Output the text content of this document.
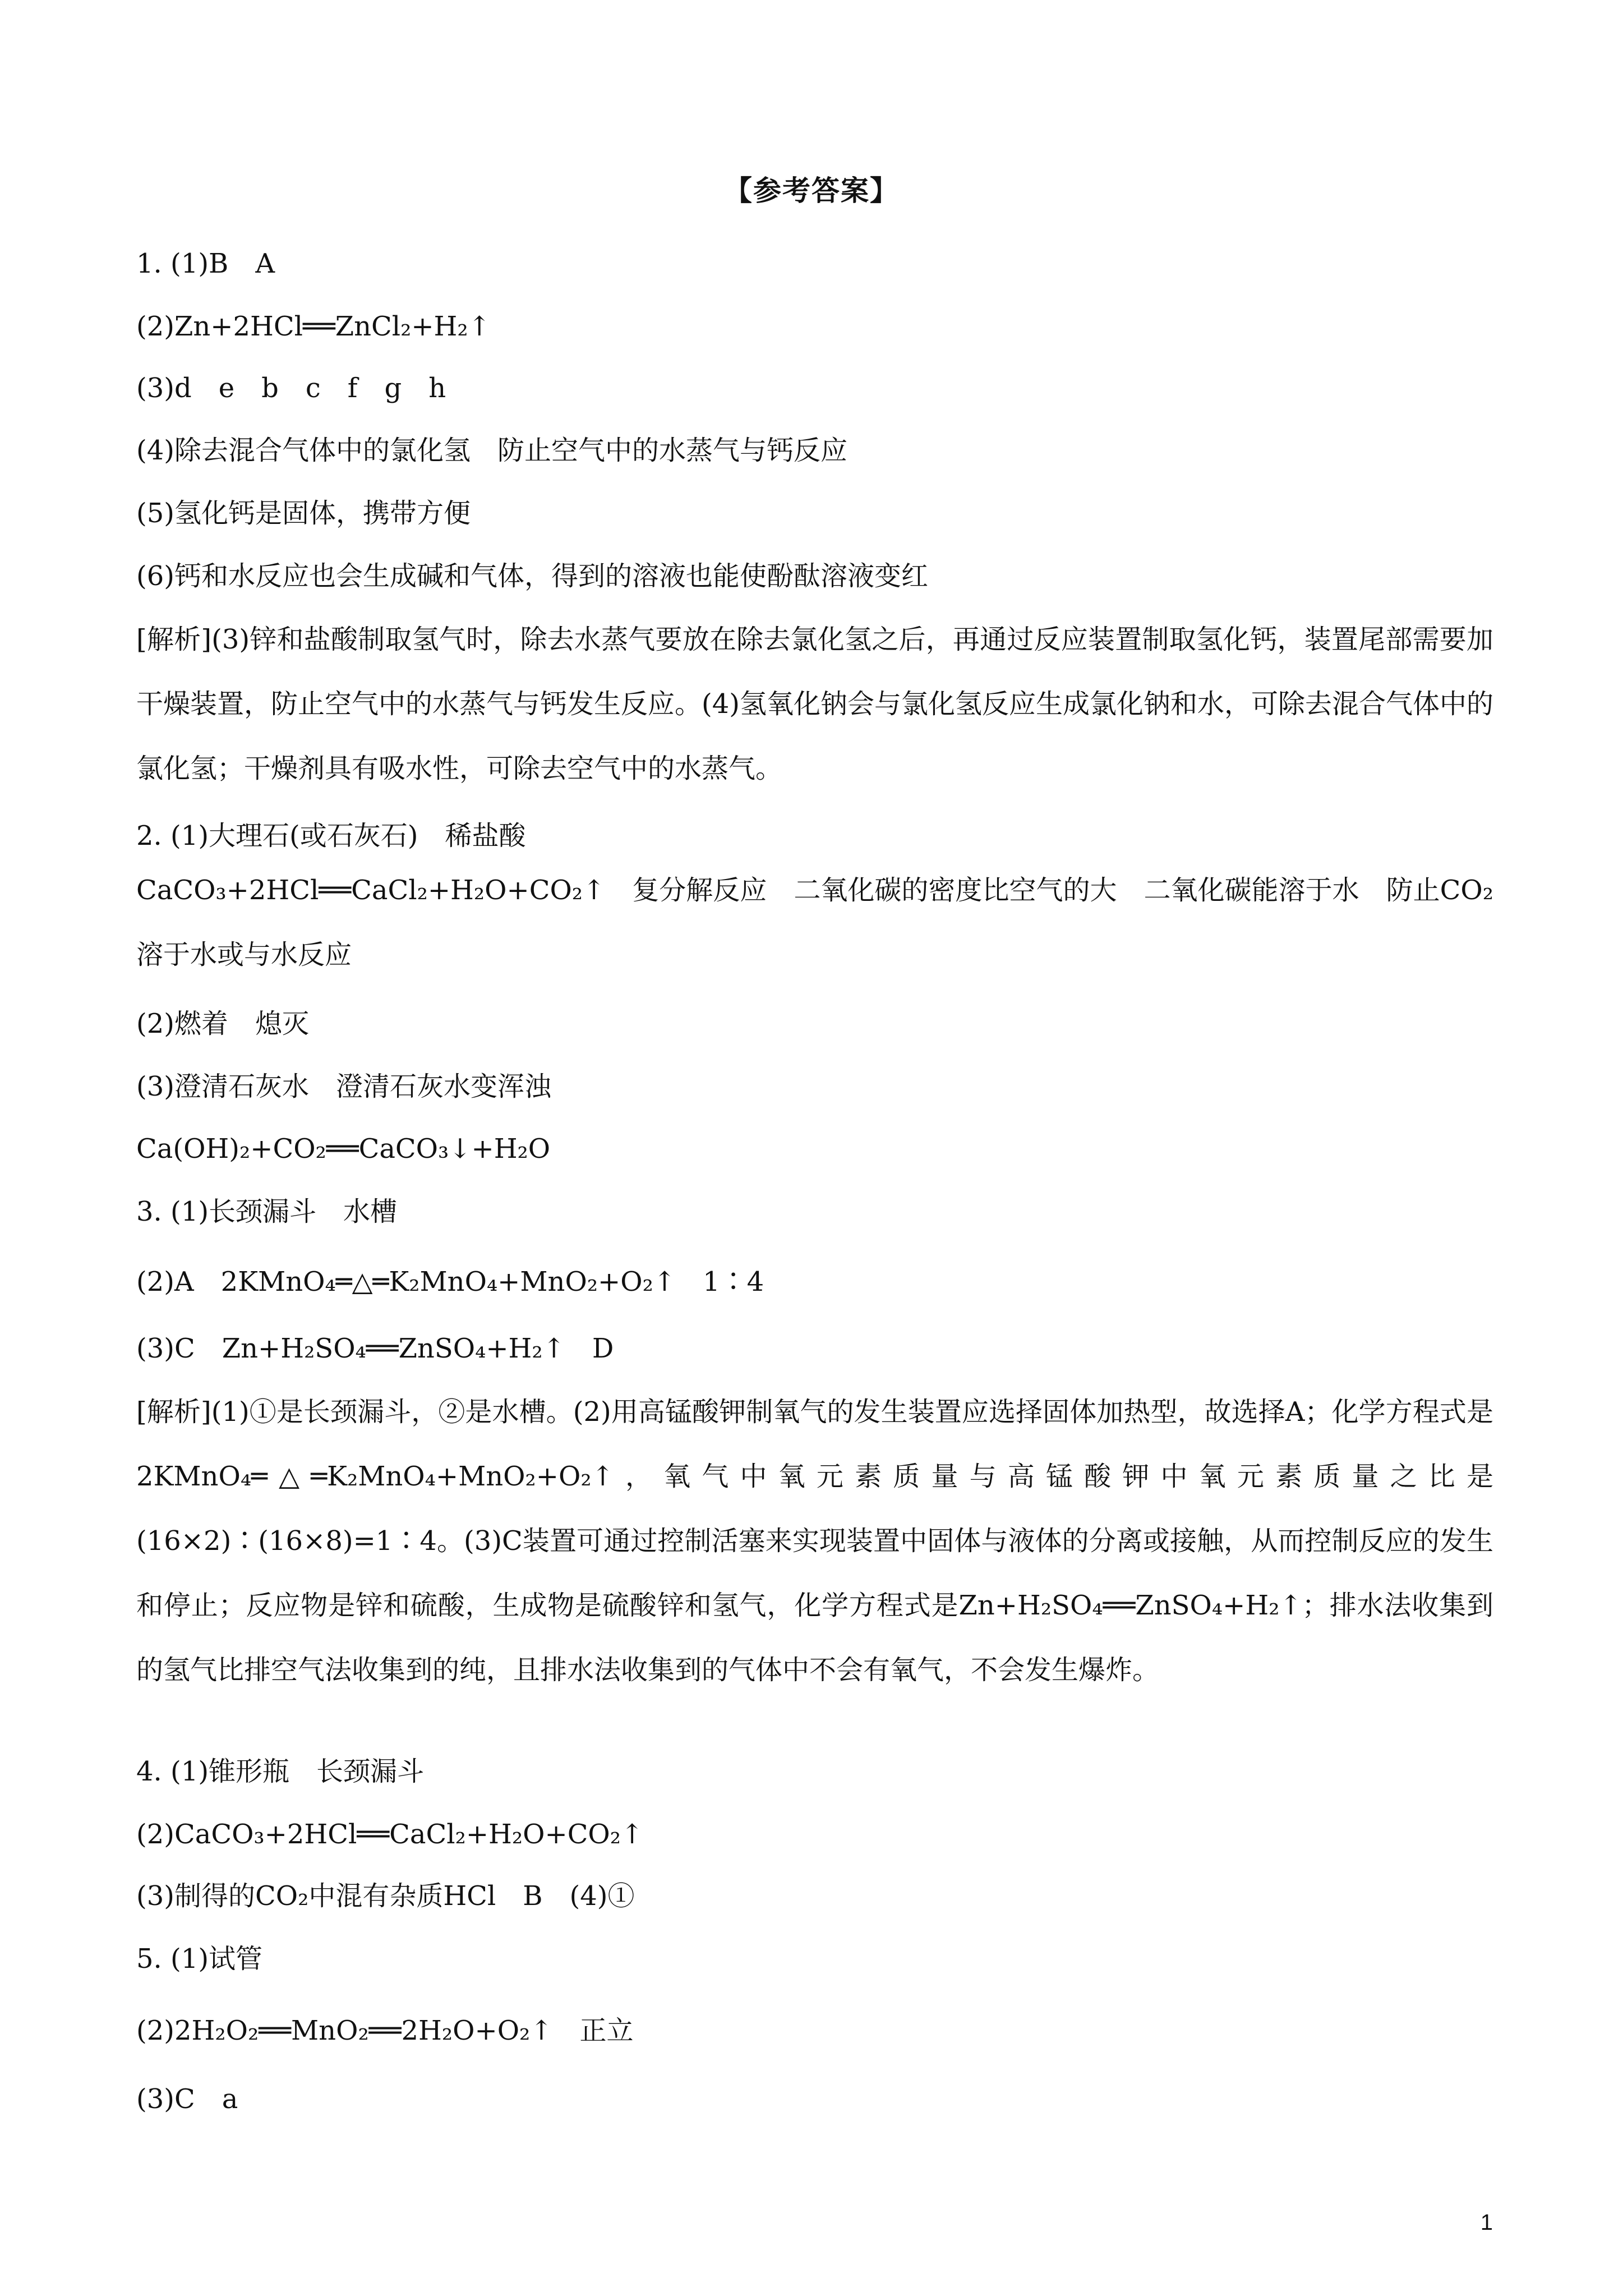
【参考答案】
1. (1)B　A
(2)Zn+2HCl══ZnCl₂+H₂↑
(3)d　e　b　c　f　g　h
(4)除去混合气体中的氯化氢　防止空气中的水蒸气与钙反应
(5)氢化钙是固体，携带方便
(6)钙和水反应也会生成碱和气体，得到的溶液也能使酚酞溶液变红
[解析](3)锌和盐酸制取氢气时，除去水蒸气要放在除去氯化氢之后，再通过反应装置制取氢化钙，装置尾部需要加干燥装置，防止空气中的水蒸气与钙发生反应。(4)氢氧化钠会与氯化氢反应生成氯化钠和水，可除去混合气体中的氯化氢；干燥剂具有吸水性，可除去空气中的水蒸气。
2. (1)大理石(或石灰石)　稀盐酸
CaCO₃+2HCl══CaCl₂+H₂O+CO₂↑　复分解反应　二氧化碳的密度比空气的大　二氧化碳能溶于水　防止CO₂溶于水或与水反应
(2)燃着　熄灭
(3)澄清石灰水　澄清石灰水变浑浊
Ca(OH)₂+CO₂══CaCO₃↓+H₂O
3. (1)长颈漏斗　水槽
(2)A　2KMnO₄═△═K₂MnO₄+MnO₂+O₂↑　1∶4
(3)C　Zn+H₂SO₄══ZnSO₄+H₂↑　D
[解析](1)①是长颈漏斗，②是水槽。(2)用高锰酸钾制氧气的发生装置应选择固体加热型，故选择A；化学方程式是2KMnO₄═△═K₂MnO₄+MnO₂+O₂↑，氧气中氧元素质量与高锰酸钾中氧元素质量之比是(16×2)∶(16×8)=1∶4。(3)C装置可通过控制活塞来实现装置中固体与液体的分离或接触，从而控制反应的发生和停止；反应物是锌和硫酸，生成物是硫酸锌和氢气，化学方程式是Zn+H₂SO₄══ZnSO₄+H₂↑；排水法收集到的氢气比排空气法收集到的纯，且排水法收集到的气体中不会有氧气，不会发生爆炸。
4. (1)锥形瓶　长颈漏斗
(2)CaCO₃+2HCl══CaCl₂+H₂O+CO₂↑
(3)制得的CO₂中混有杂质HCl　B　(4)①
5. (1)试管
(2)2H₂O₂══MnO₂══2H₂O+O₂↑　正立
(3)C　a
1
